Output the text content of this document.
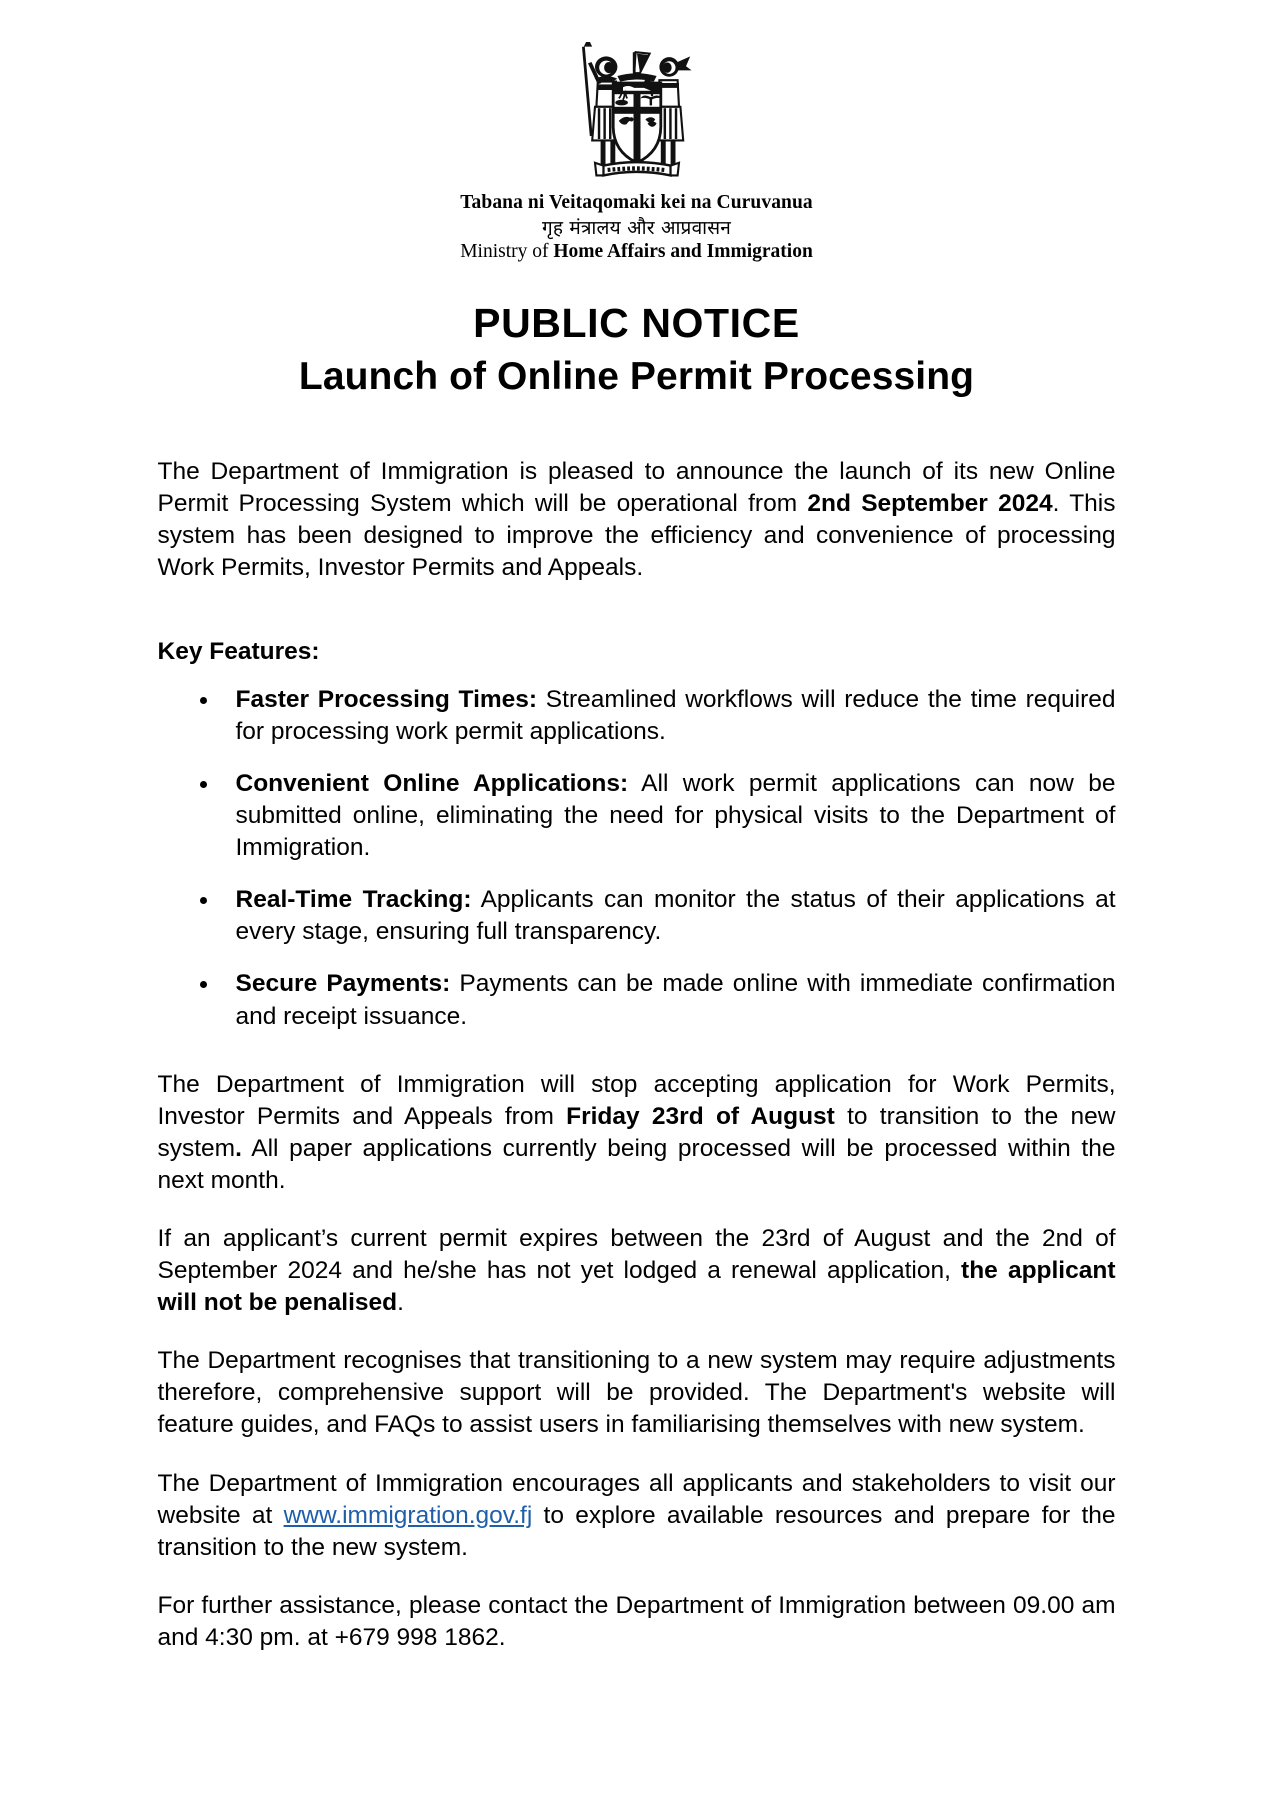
Tabana ni Veitaqomaki kei na Curuvanua
गृह मंत्रालय और आप्रवासन
Ministry of Home Affairs and Immigration
PUBLIC NOTICE
Launch of Online Permit Processing

The Department of Immigration is pleased to announce the launch of its new Online Permit Processing System which will be operational from 2nd September 2024. This system has been designed to improve the efficiency and convenience of processing Work Permits, Investor Permits and Appeals.

Key Features:

Faster Processing Times: Streamlined workflows will reduce the time required for processing work permit applications.
Convenient Online Applications: All work permit applications can now be submitted online, eliminating the need for physical visits to the Department of Immigration.
Real-Time Tracking: Applicants can monitor the status of their applications at every stage, ensuring full transparency.
Secure Payments: Payments can be made online with immediate confirmation and receipt issuance.

The Department of Immigration will stop accepting application for Work Permits, Investor Permits and Appeals from Friday 23rd of August to transition to the new system. All paper applications currently being processed will be processed within the next month.

If an applicant’s current permit expires between the 23rd of August and the 2nd of September 2024 and he/she has not yet lodged a renewal application, the applicant will not be penalised.

The Department recognises that transitioning to a new system may require adjustments therefore, comprehensive support will be provided. The Department's website will feature guides, and FAQs to assist users in familiarising themselves with new system.

The Department of Immigration encourages all applicants and stakeholders to visit our website at www.immigration.gov.fj to explore available resources and prepare for the transition to the new system.

For further assistance, please contact the Department of Immigration between 09.00 am and 4:30 pm. at +679 998 1862.
